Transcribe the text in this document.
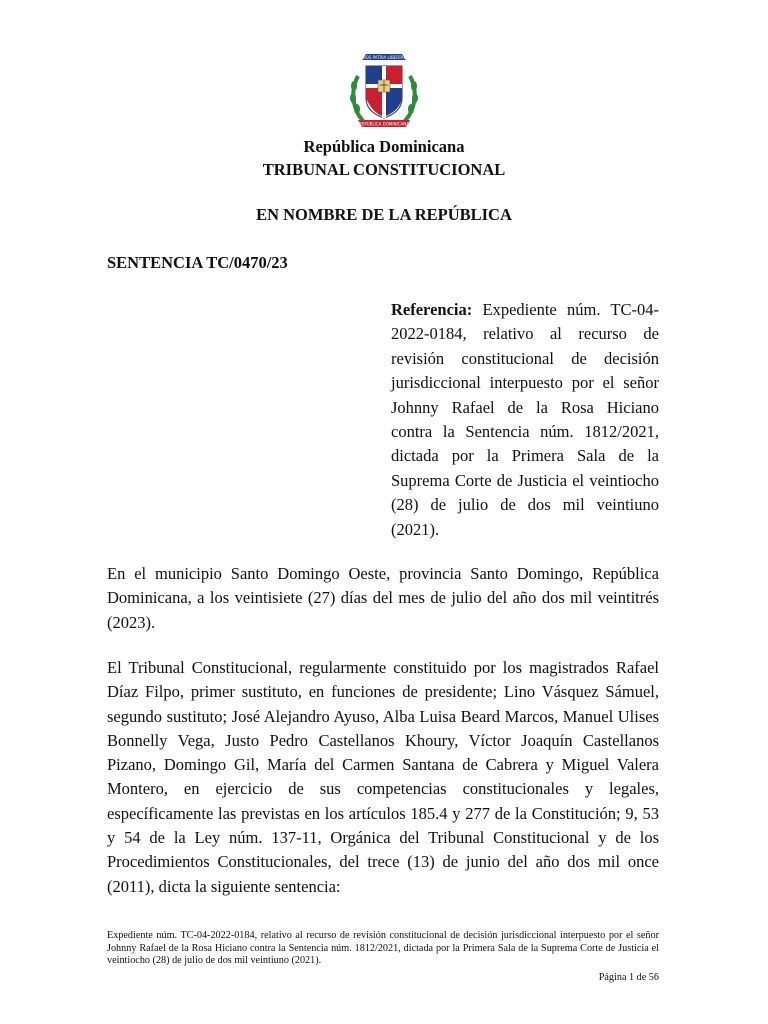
DIOS PATRIA LIBERTAD
REPÚBLICA DOMINICANA
República Dominicana
TRIBUNAL CONSTITUCIONAL
EN NOMBRE DE LA REPÚBLICA
SENTENCIA TC/0470/23
Referencia: Expediente núm. TC-04-2022-0184, relativo al recurso de revisión constitucional de decisión jurisdiccional interpuesto por el señor Johnny Rafael de la Rosa Hiciano contra la Sentencia núm. 1812/2021, dictada por la Primera Sala de la Suprema Corte de Justicia el veintiocho (28) de julio de dos mil veintiuno (2021).
En el municipio Santo Domingo Oeste, provincia Santo Domingo, República Dominicana, a los veintisiete (27) días del mes de julio del año dos mil veintitrés (2023).
El Tribunal Constitucional, regularmente constituido por los magistrados Rafael Díaz Filpo, primer sustituto, en funciones de presidente; Lino Vásquez Sámuel, segundo sustituto; José Alejandro Ayuso, Alba Luisa Beard Marcos, Manuel Ulises Bonnelly Vega, Justo Pedro Castellanos Khoury, Víctor Joaquín Castellanos Pizano, Domingo Gil, María del Carmen Santana de Cabrera y Miguel Valera Montero, en ejercicio de sus competencias constitucionales y legales, específicamente las previstas en los artículos 185.4 y 277 de la Constitución; 9, 53 y 54 de la Ley núm. 137-11, Orgánica del Tribunal Constitucional y de los Procedimientos Constitucionales, del trece (13) de junio del año dos mil once (2011), dicta la siguiente sentencia:
Expediente núm. TC-04-2022-0184, relativo al recurso de revisión constitucional de decisión jurisdiccional interpuesto por el señor Johnny Rafael de la Rosa Hiciano contra la Sentencia núm. 1812/2021, dictada por la Primera Sala de la Suprema Corte de Justicia el veintiocho (28) de julio de dos mil veintiuno (2021).
Página 1 de 56
